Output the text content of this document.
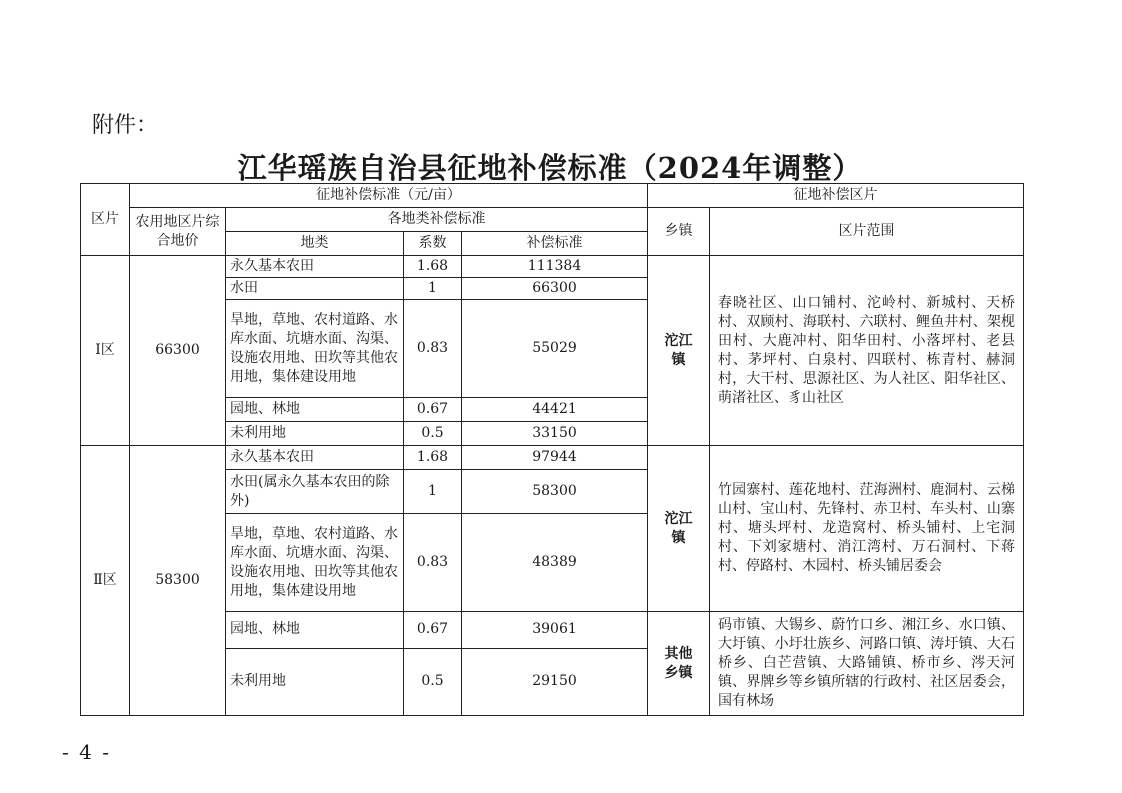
附件：
江华瑶族自治县征地补偿标准（2024年调整）
区片	征地补偿标准（元/亩）				征地补偿区片	
	农用地区片综合地价	各地类补偿标准			乡镇	区片范围
		地类	系数	补偿标准		
Ⅰ区	66300	永久基本农田	1.68	111384	沱江镇	春晓社区、山口铺村、沱岭村、新城村、天桥村、双顾村、海联村、六联村、鲤鱼井村、架枧田村、大鹿冲村、阳华田村、小落坪村、老县村、茅坪村、白泉村、四联村、栋青村、赫洞村，大干村、思源社区、为人社区、阳华社区、萌渚社区、豸山社区
		水田	1	66300		
		旱地，草地、农村道路、水库水面、坑塘水面、沟渠、设施农用地、田坎等其他农用地，集体建设用地	0.83	55029		
		园地、林地	0.67	44421		
		未利用地	0.5	33150		
Ⅱ区	58300	永久基本农田	1.68	97944	沱江镇	竹园寨村、莲花地村、茳海洲村、鹿洞村、云梯山村、宝山村、先锋村、赤卫村、车头村、山寨村、塘头坪村、龙造窝村、桥头铺村、上宅洞村、下刘家塘村、消江湾村、万石洞村、下蒋村、停路村、木园村、桥头铺居委会
		水田(属永久基本农田的除外)	1	58300		
		旱地，草地、农村道路、水库水面、坑塘水面、沟渠、设施农用地、田坎等其他农用地，集体建设用地	0.83	48389		
		园地、林地	0.67	39061	其他乡镇	码市镇、大锡乡、蔚竹口乡、湘江乡、水口镇、大圩镇、小圩壮族乡、河路口镇、涛圩镇、大石桥乡、白芒营镇、大路铺镇、桥市乡、涔天河镇、界牌乡等乡镇所辖的行政村、社区居委会，国有林场
		未利用地	0.5	29150		
- 4 -
